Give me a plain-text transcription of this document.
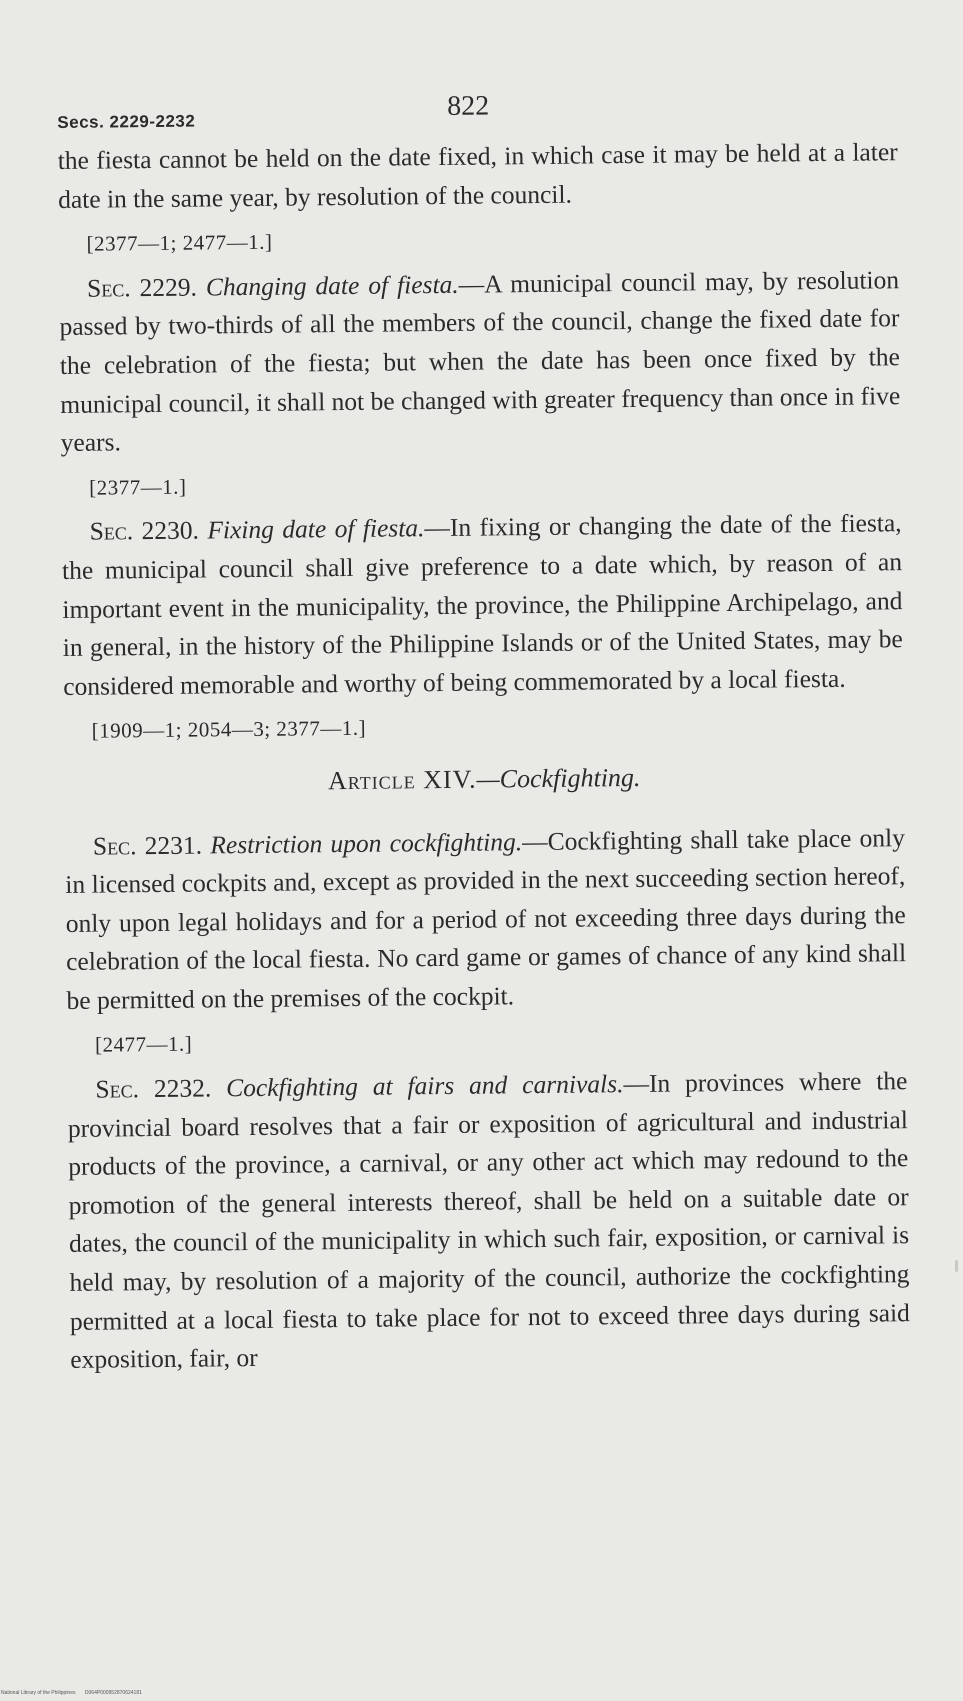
Secs. 2229-2232	822

the fiesta cannot be held on the date fixed, in which case it may be held at a later date in the same year, by resolution of the council.

[2377—1; 2477—1.]

Sec. 2229. Changing date of fiesta.—A municipal council may, by resolution passed by two-thirds of all the members of the council, change the fixed date for the celebration of the fiesta; but when the date has been once fixed by the municipal council, it shall not be changed with greater frequency than once in five years.

[2377—1.]

Sec. 2230. Fixing date of fiesta.—In fixing or changing the date of the fiesta, the municipal council shall give preference to a date which, by reason of an important event in the municipality, the province, the Philippine Archipelago, and in general, in the history of the Philippine Islands or of the United States, may be considered memorable and worthy of being commemorated by a local fiesta.

[1909—1; 2054—3; 2377—1.]

Article XIV.—Cockfighting.

Sec. 2231. Restriction upon cockfighting.—Cockfighting shall take place only in licensed cockpits and, except as provided in the next succeeding section hereof, only upon legal holidays and for a period of not exceeding three days during the celebration of the local fiesta. No card game or games of chance of any kind shall be permitted on the premises of the cockpit.

[2477—1.]

Sec. 2232. Cockfighting at fairs and carnivals.—In provinces where the provincial board resolves that a fair or exposition of agricultural and industrial products of the province, a carnival, or any other act which may redound to the promotion of the general interests thereof, shall be held on a suitable date or dates, the council of the municipality in which such fair, exposition, or carnival is held may, by resolution of a majority of the council, authorize the cockfighting permitted at a local fiesta to take place for not to exceed three days during said exposition, fair, or

National Library of the Philippines D064P000952870624181
